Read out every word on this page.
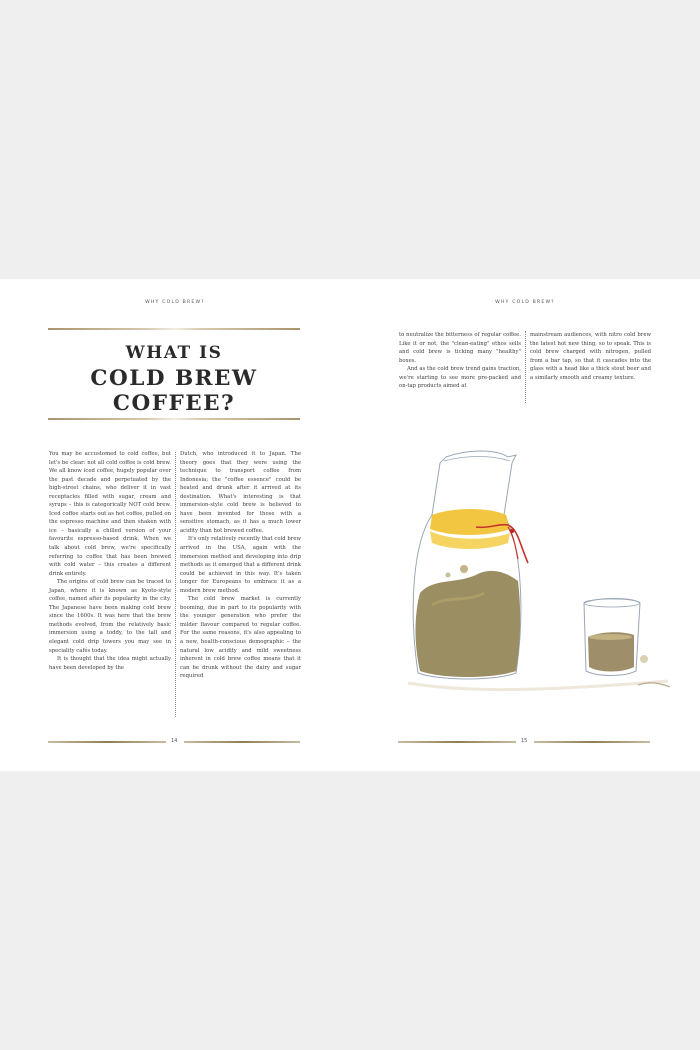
WHY COLD BREW?
WHAT IS
COLD BREW
COFFEE?

You may be accustomed to cold coffee, but let's be clear: not all cold coffee is cold brew. We all know iced coffee, hugely popular over the past decade and perpetuated by the high-street chains, who deliver it in vast receptacles filled with sugar, cream and syrups – this is categorically NOT cold brew. Iced coffee starts out as hot coffee, pulled on the espresso machine and then shaken with ice – basically a chilled version of your favourite espresso-based drink. When we talk about cold brew, we're specifically referring to coffee that has been brewed with cold water – this creates a different drink entirely.

The origins of cold brew can be traced to Japan, where it is known as Kyoto-style coffee, named after its popularity in the city. The Japanese have been making cold brew since the 1600s. It was here that the brew methods evolved, from the relatively basic immersion using a toddy, to the tall and elegant cold drip towers you may see in speciality cafés today.

It is thought that the idea might actually have been developed by the

Dutch, who introduced it to Japan. The theory goes that they were using the technique to transport coffee from Indonesia; the "coffee essence" could be heated and drunk after it arrived at its destination. What's interesting is that immersion-style cold brew is believed to have been invented for those with a sensitive stomach, as it has a much lower acidity than hot brewed coffee.

It's only relatively recently that cold brew arrived in the USA, again with the immersion method and developing into drip methods as it emerged that a different drink could be achieved in this way. It's taken longer for Europeans to embrace it as a modern brew method.

The cold brew market is currently booming, due in part to its popularity with the younger generation who prefer the milder flavour compared to regular coffee. For the same reasons, it's also appealing to a new, health-conscious demographic – the natural low acidity and mild sweetness inherent in cold brew coffee means that it can be drunk without the dairy and sugar required

14
WHY COLD BREW?

to neutralize the bitterness of regular coffee. Like it or not, the "clean-eating" ethos sells and cold brew is ticking many "healthy" boxes.

And as the cold brew trend gains traction, we're starting to see more pre-packed and on-tap products aimed at

mainstream audiences, with nitro cold brew the latest hot new thing, so to speak. This is cold brew charged with nitrogen, pulled from a bar tap, so that it cascades into the glass with a head like a thick stout beer and a similarly smooth and creamy texture.

15
